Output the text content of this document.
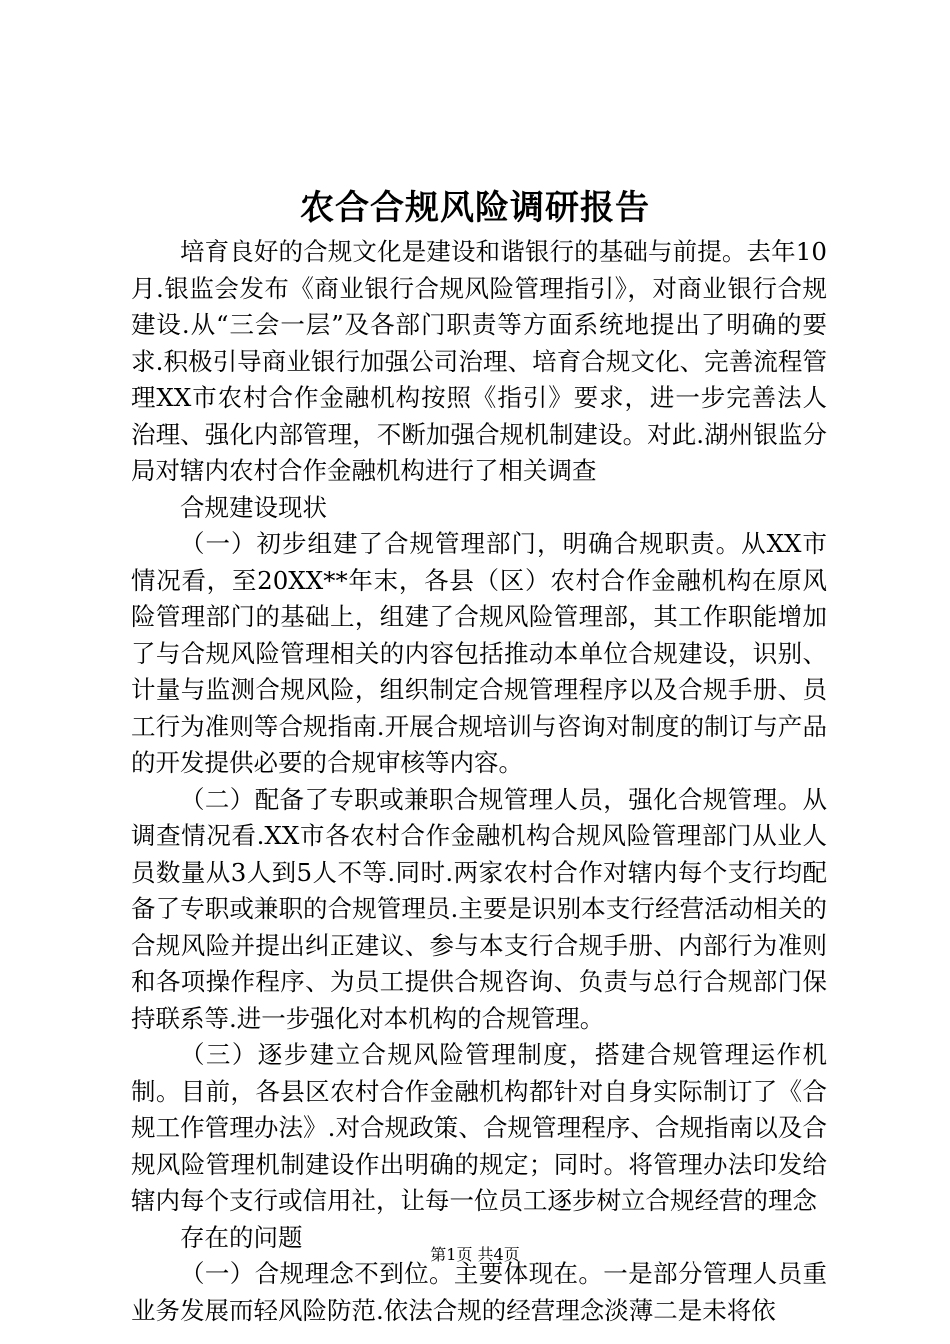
农合合规风险调研报告

培育良好的合规文化是建设和谐银行的基础与前提。去年10月.银监会发布《商业银行合规风险管理指引》，对商业银行合规建设.从“三会一层”及各部门职责等方面系统地提出了明确的要求.积极引导商业银行加强公司治理、培育合规文化、完善流程管理XX市农村合作金融机构按照《指引》要求，进一步完善法人治理、强化内部管理，不断加强合规机制建设。对此.湖州银监分局对辖内农村合作金融机构进行了相关调查

合规建设现状

（一）初步组建了合规管理部门，明确合规职责。从XX市情况看，至20XX**年末，各县（区）农村合作金融机构在原风险管理部门的基础上，组建了合规风险管理部，其工作职能增加了与合规风险管理相关的内容包括推动本单位合规建设，识别、计量与监测合规风险，组织制定合规管理程序以及合规手册、员工行为准则等合规指南.开展合规培训与咨询对制度的制订与产品的开发提供必要的合规审核等内容。

（二）配备了专职或兼职合规管理人员，强化合规管理。从调查情况看.XX市各农村合作金融机构合规风险管理部门从业人员数量从3人到5人不等.同时.两家农村合作对辖内每个支行均配备了专职或兼职的合规管理员.主要是识别本支行经营活动相关的合规风险并提出纠正建议、参与本支行合规手册、内部行为准则和各项操作程序、为员工提供合规咨询、负责与总行合规部门保持联系等.进一步强化对本机构的合规管理。

（三）逐步建立合规风险管理制度，搭建合规管理运作机制。目前，各县区农村合作金融机构都针对自身实际制订了《合规工作管理办法》.对合规政策、合规管理程序、合规指南以及合规风险管理机制建设作出明确的规定；同时。将管理办法印发给辖内每个支行或信用社，让每一位员工逐步树立合规经营的理念

存在的问题

（一）合规理念不到位。主要体现在。一是部分管理人员重业务发展而轻风险防范.依法合规的经营理念淡薄二是未将依

第1页 共4页
